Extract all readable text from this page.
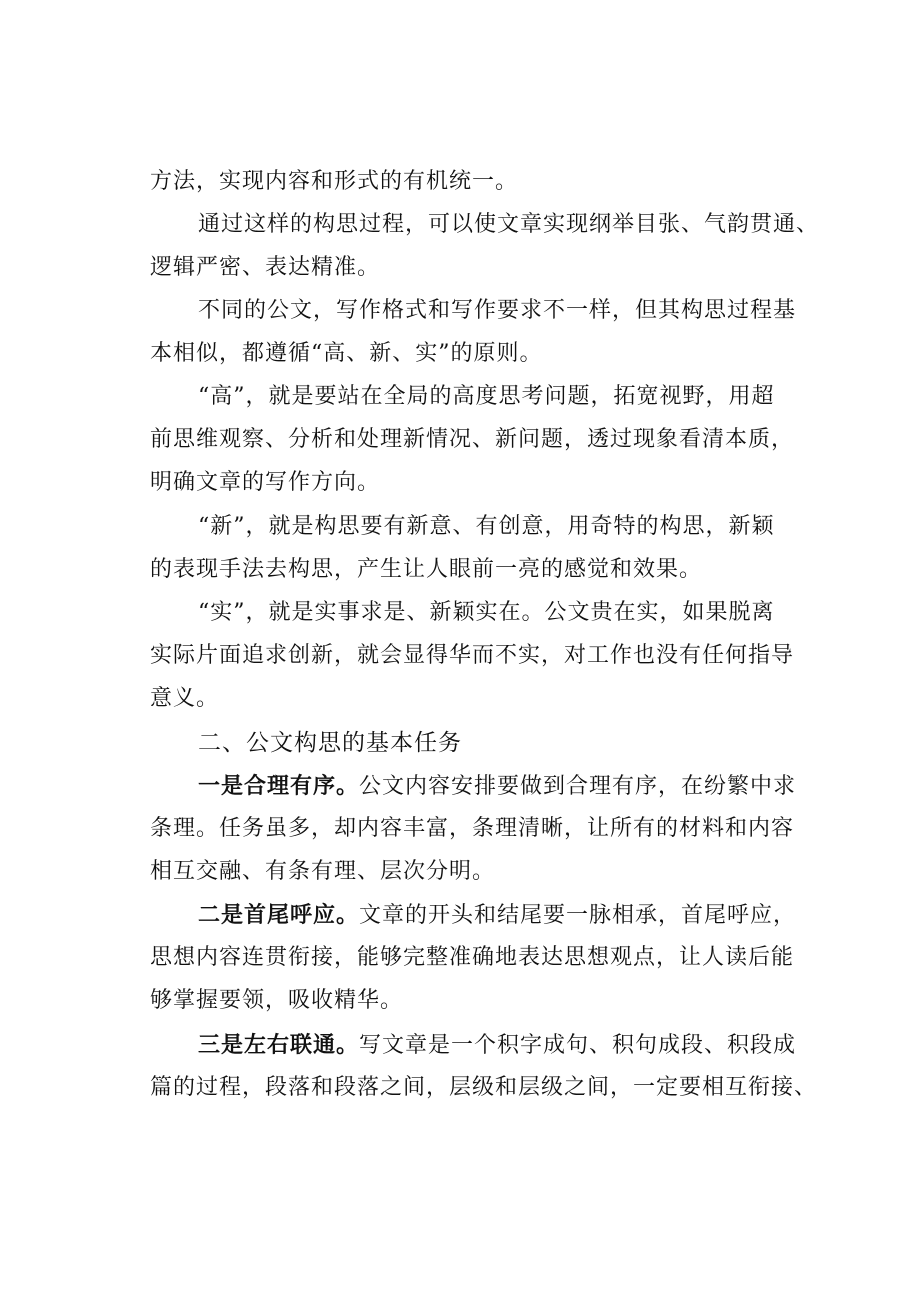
方法，实现内容和形式的有机统一。
通过这样的构思过程，可以使文章实现纲举目张、气韵贯通、
逻辑严密、表达精准。
不同的公文，写作格式和写作要求不一样，但其构思过程基
本相似，都遵循“高、新、实”的原则。
“高”，就是要站在全局的高度思考问题，拓宽视野，用超
前思维观察、分析和处理新情况、新问题，透过现象看清本质，
明确文章的写作方向。
“新”，就是构思要有新意、有创意，用奇特的构思，新颖
的表现手法去构思，产生让人眼前一亮的感觉和效果。
“实”，就是实事求是、新颖实在。公文贵在实，如果脱离
实际片面追求创新，就会显得华而不实，对工作也没有任何指导
意义。
二、公文构思的基本任务
一是合理有序。公文内容安排要做到合理有序，在纷繁中求
条理。任务虽多，却内容丰富，条理清晰，让所有的材料和内容
相互交融、有条有理、层次分明。
二是首尾呼应。文章的开头和结尾要一脉相承，首尾呼应，
思想内容连贯衔接，能够完整准确地表达思想观点，让人读后能
够掌握要领，吸收精华。
三是左右联通。写文章是一个积字成句、积句成段、积段成
篇的过程，段落和段落之间，层级和层级之间，一定要相互衔接、
